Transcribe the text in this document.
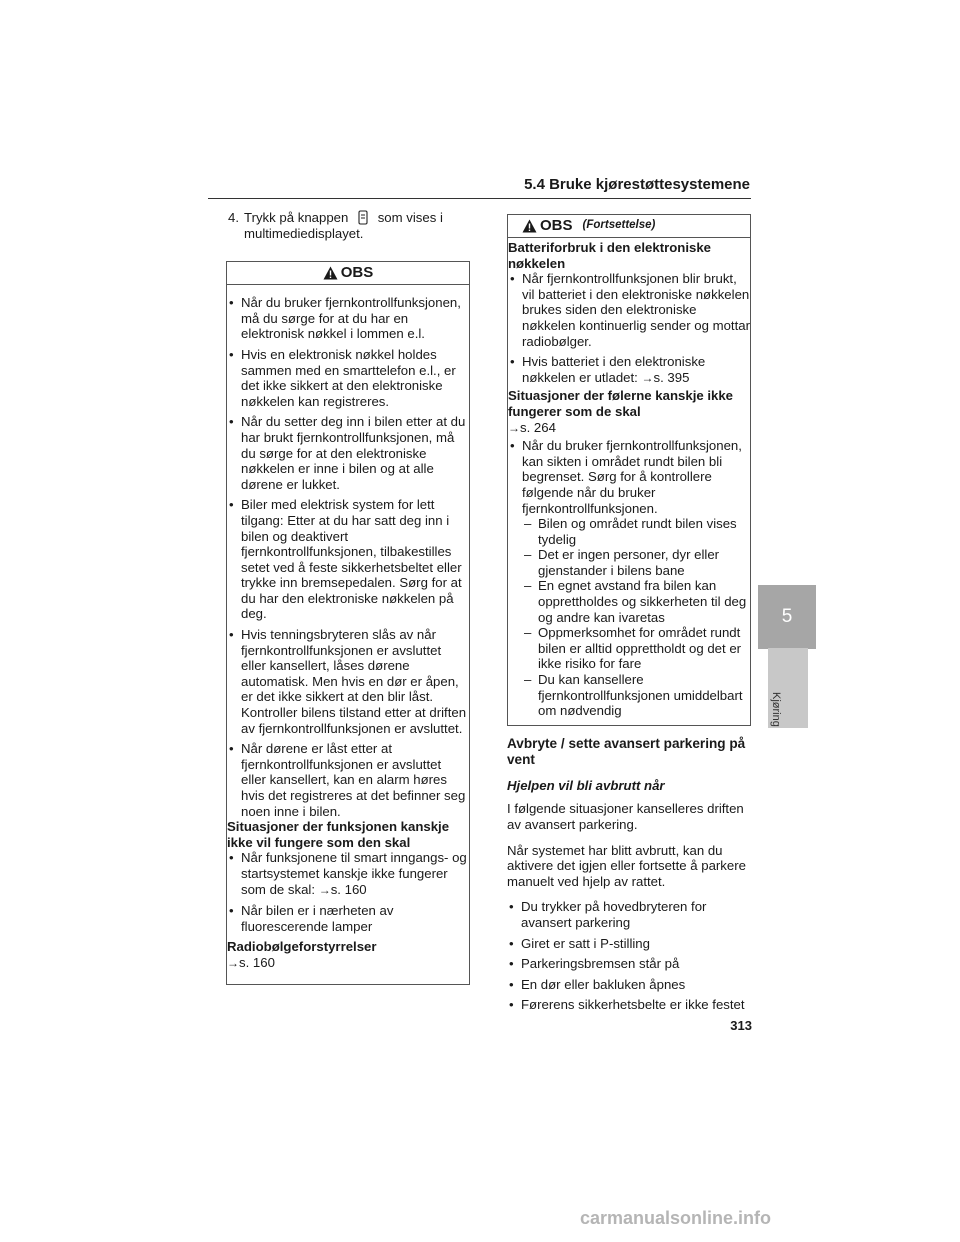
5.4 Bruke kjørestøttesystemene
4. Trykk på knappen som vises i multimediedisplayet.
OBS
• Når du bruker fjernkontrollfunksjonen, må du sørge for at du har en elektronisk nøkkel i lommen e.l.
• Hvis en elektronisk nøkkel holdes sammen med en smarttelefon e.l., er det ikke sikkert at den elektroniske nøkkelen kan registreres.
• Når du setter deg inn i bilen etter at du har brukt fjernkontrollfunksjonen, må du sørge for at den elektroniske nøkkelen er inne i bilen og at alle dørene er lukket.
• Biler med elektrisk system for lett tilgang: Etter at du har satt deg inn i bilen og deaktivert fjernkontrollfunksjonen, tilbakestilles setet ved å feste sikkerhetsbeltet eller trykke inn bremsepedalen. Sørg for at du har den elektroniske nøkkelen på deg.
• Hvis tenningsbryteren slås av når fjernkontrollfunksjonen er avsluttet eller kansellert, låses dørene automatisk. Men hvis en dør er åpen, er det ikke sikkert at den blir låst. Kontroller bilens tilstand etter at driften av fjernkontrollfunksjonen er avsluttet.
• Når dørene er låst etter at fjernkontrollfunksjonen er avsluttet eller kansellert, kan en alarm høres hvis det registreres at det befinner seg noen inne i bilen.

Situasjoner der funksjonen kanskje ikke vil fungere som den skal

• Når funksjonene til smart inngangs- og startsystemet kanskje ikke fungerer som de skal: →s. 160
• Når bilen er i nærheten av fluorescerende lamper

Radiobølgeforstyrrelser

→s. 160

OBS (Fortsettelse)

Batteriforbruk i den elektroniske nøkkelen

• Når fjernkontrollfunksjonen blir brukt, vil batteriet i den elektroniske nøkkelen brukes siden den elektroniske nøkkelen kontinuerlig sender og mottar radiobølger.
• Hvis batteriet i den elektroniske nøkkelen er utladet: →s. 395

Situasjoner der følerne kanskje ikke fungerer som de skal

→s. 264

• Når du bruker fjernkontrollfunksjonen, kan sikten i området rundt bilen bli begrenset. Sørg for å kontrollere følgende når du bruker fjernkontrollfunksjonen.
– Bilen og området rundt bilen vises tydelig
– Det er ingen personer, dyr eller gjenstander i bilens bane
– En egnet avstand fra bilen kan opprettholdes og sikkerheten til deg og andre kan ivaretas
– Oppmerksomhet for området rundt bilen er alltid opprettholdt og det er ikke risiko for fare
– Du kan kansellere fjernkontrollfunksjonen umiddelbart om nødvendig

Avbryte / sette avansert parkering på vent

Hjelpen vil bli avbrutt når

I følgende situasjoner kanselleres driften av avansert parkering.

Når systemet har blitt avbrutt, kan du aktivere det igjen eller fortsette å parkere manuelt ved hjelp av rattet.

• Du trykker på hovedbryteren for avansert parkering
• Giret er satt i P-stilling
• Parkeringsbremsen står på
• En dør eller bakluken åpnes
• Førerens sikkerhetsbelte er ikke festet
5
Kjøring
313
carmanualsonline.info
